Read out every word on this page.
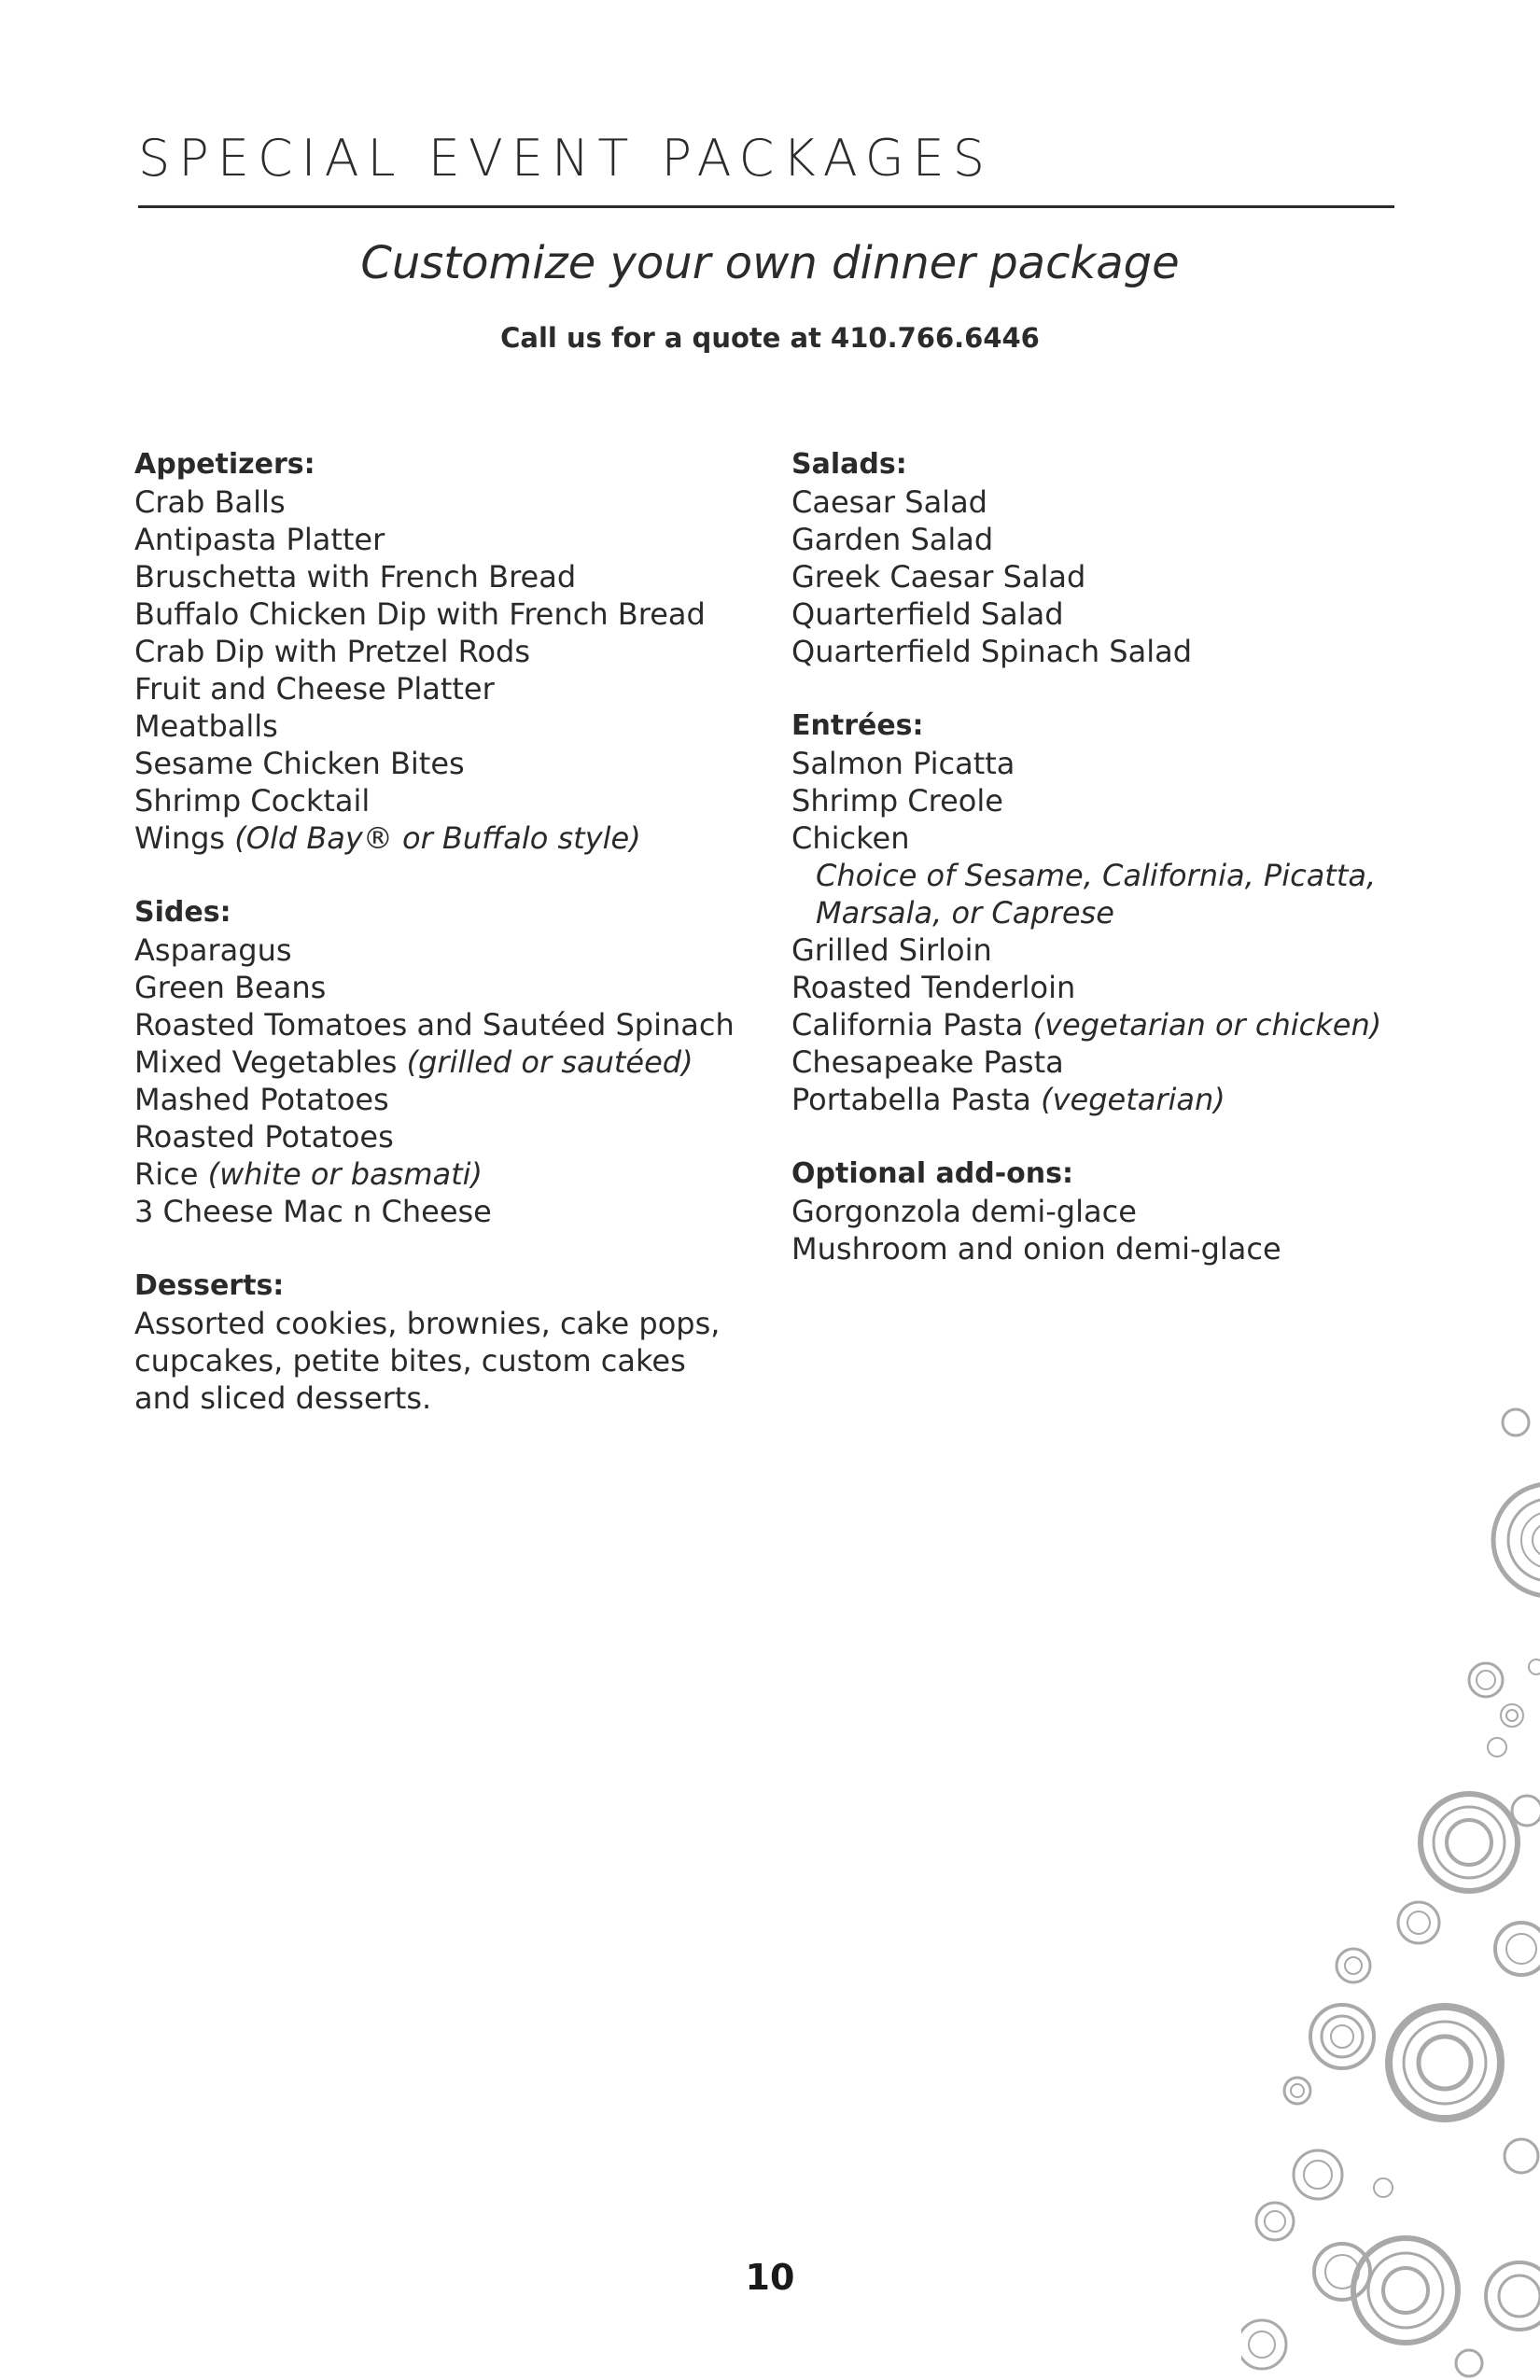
SPECIAL EVENT PACKAGES
Customize your own dinner package
Call us for a quote at 410.766.6446
Appetizers:
Crab Balls
Antipasta Platter
Bruschetta with French Bread
Buffalo Chicken Dip with French Bread
Crab Dip with Pretzel Rods
Fruit and Cheese Platter
Meatballs
Sesame Chicken Bites
Shrimp Cocktail
Wings (Old Bay® or Buffalo style)
Sides:
Asparagus
Green Beans
Roasted Tomatoes and Sautéed Spinach
Mixed Vegetables (grilled or sautéed)
Mashed Potatoes
Roasted Potatoes
Rice (white or basmati)
3 Cheese Mac n Cheese
Desserts:
Assorted cookies, brownies, cake pops, cupcakes, petite bites, custom cakes and sliced desserts.
Salads:
Caesar Salad
Garden Salad
Greek Caesar Salad
Quarterfield Salad
Quarterfield Spinach Salad
Entrées:
Salmon Picatta
Shrimp Creole
Chicken
Choice of Sesame, California, Picatta,
Marsala, or Caprese
Grilled Sirloin
Roasted Tenderloin
California Pasta (vegetarian or chicken)
Chesapeake Pasta
Portabella Pasta (vegetarian)
Optional add-ons:
Gorgonzola demi-glace
Mushroom and onion demi-glace
10
